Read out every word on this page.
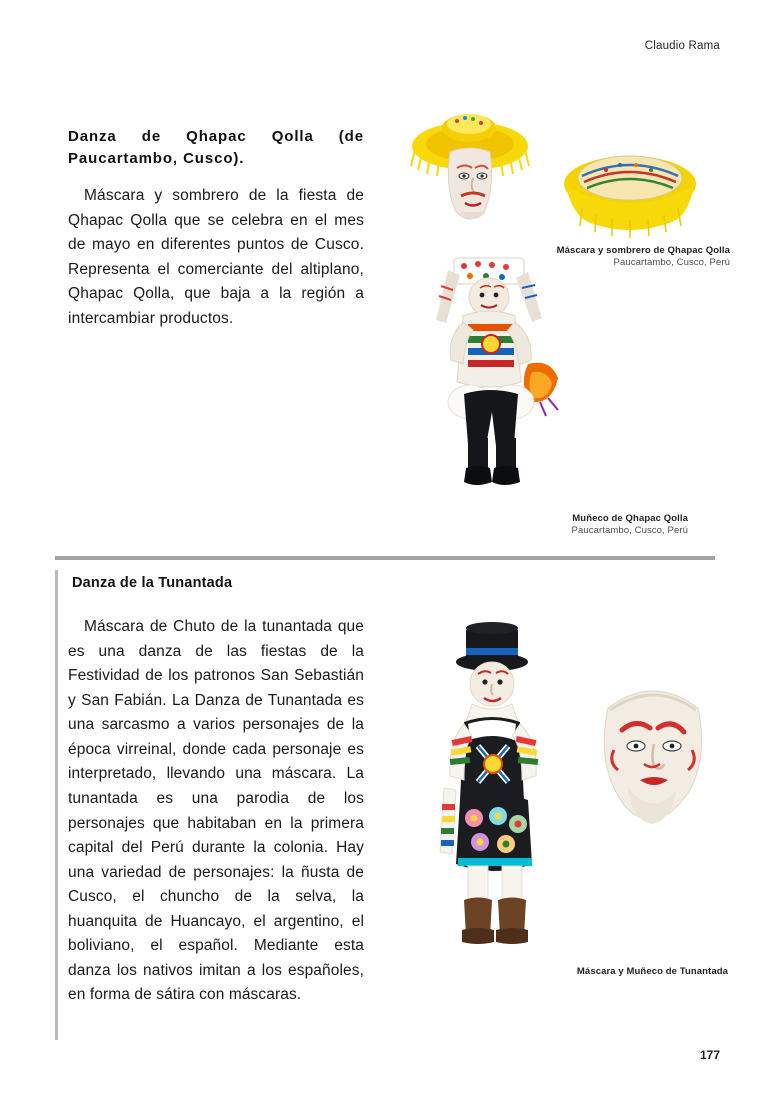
Claudio Rama

Danza de Qhapac Qolla (de Paucartambo, Cusco).

Máscara y sombrero de la fiesta de Qhapac Qolla que se celebra en el mes de mayo en diferentes puntos de Cusco. Representa el comerciante del altiplano, Qhapac Qolla, que baja a la región a intercambiar productos.

Máscara y sombrero de Qhapac Qolla
Paucartambo, Cusco, Perú
Muñeco de Qhapac Qolla
Paucartambo, Cusco, Perú
Danza de la Tunantada

Máscara de Chuto de la tunantada que es una danza de las fiestas de la Festividad de los patronos San Sebastián y San Fabián. La Danza de Tunantada es una sarcasmo a varios personajes de la época virreinal, donde cada personaje es interpretado, llevando una máscara. La tunantada es una parodia de los personajes que habitaban en la primera capital del Perú durante la colonia. Hay una variedad de personajes: la ñusta de Cusco, el chuncho de la selva, la huanquita de Huancayo, el argentino, el boliviano, el español. Mediante esta danza los nativos imitan a los españoles, en forma de sátira con máscaras.

Máscara y Muñeco de Tunantada
177
